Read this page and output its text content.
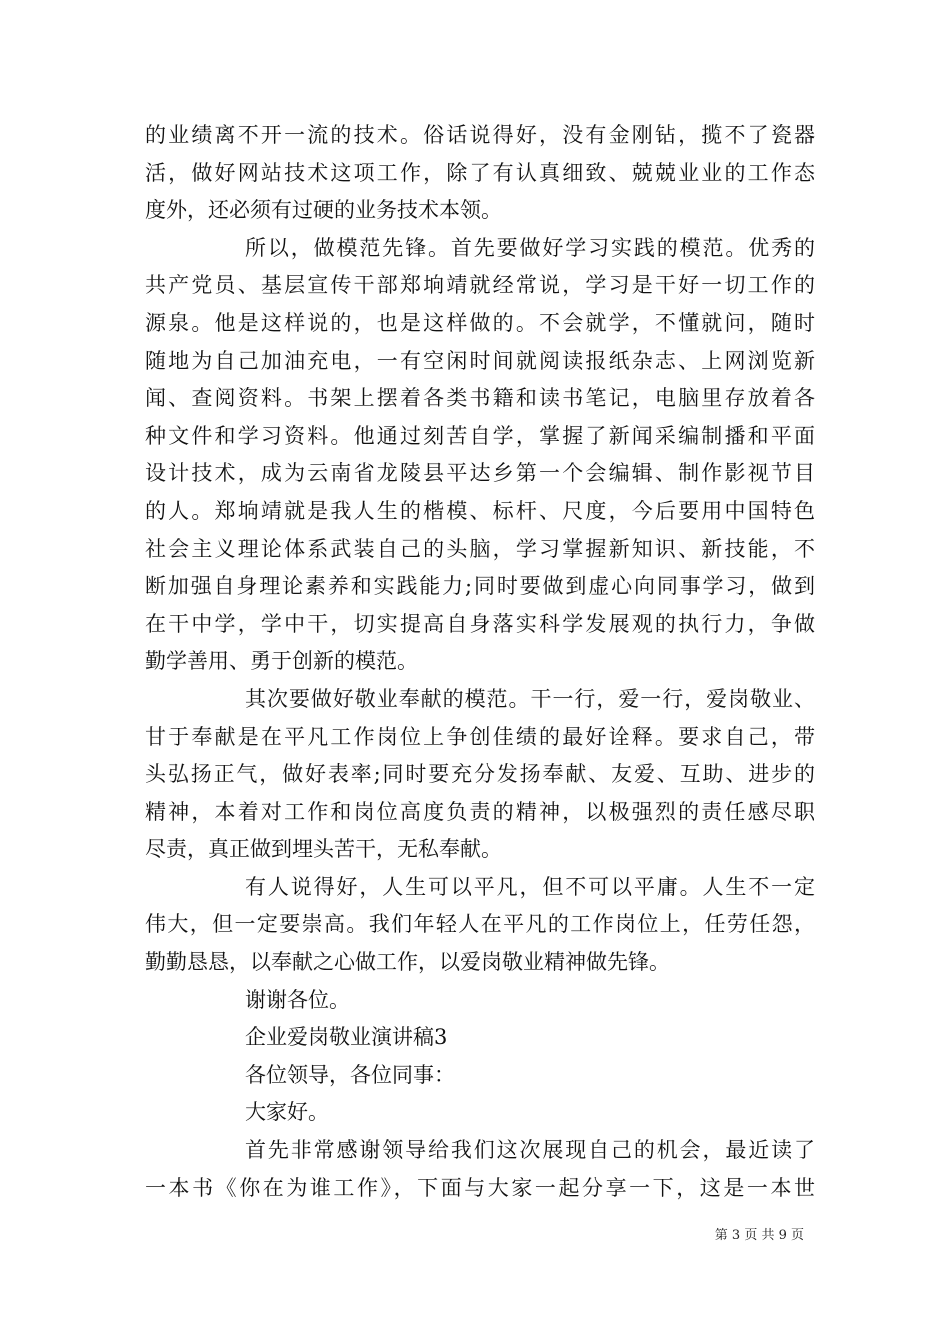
的业绩离不开一流的技术。俗话说得好，没有金刚钻，揽不了瓷器
活，做好网站技术这项工作，除了有认真细致、兢兢业业的工作态
度外，还必须有过硬的业务技术本领。
所以，做模范先锋。首先要做好学习实践的模范。优秀的
共产党员、基层宣传干部郑垧靖就经常说，学习是干好一切工作的
源泉。他是这样说的，也是这样做的。不会就学，不懂就问，随时
随地为自己加油充电，一有空闲时间就阅读报纸杂志、上网浏览新
闻、查阅资料。书架上摆着各类书籍和读书笔记，电脑里存放着各
种文件和学习资料。他通过刻苦自学，掌握了新闻采编制播和平面
设计技术，成为云南省龙陵县平达乡第一个会编辑、制作影视节目
的人。郑垧靖就是我人生的楷模、标杆、尺度，今后要用中国特色
社会主义理论体系武装自己的头脑，学习掌握新知识、新技能，不
断加强自身理论素养和实践能力;同时要做到虚心向同事学习，做到
在干中学，学中干，切实提高自身落实科学发展观的执行力，争做
勤学善用、勇于创新的模范。
其次要做好敬业奉献的模范。干一行，爱一行，爱岗敬业、
甘于奉献是在平凡工作岗位上争创佳绩的最好诠释。要求自己，带
头弘扬正气，做好表率;同时要充分发扬奉献、友爱、互助、进步的
精神，本着对工作和岗位高度负责的精神，以极强烈的责任感尽职
尽责，真正做到埋头苦干，无私奉献。
有人说得好，人生可以平凡，但不可以平庸。人生不一定
伟大，但一定要崇高。我们年轻人在平凡的工作岗位上，任劳任怨，
勤勤恳恳，以奉献之心做工作，以爱岗敬业精神做先锋。
谢谢各位。
企业爱岗敬业演讲稿3
各位领导，各位同事：
大家好。
首先非常感谢领导给我们这次展现自己的机会，最近读了
一本书《你在为谁工作》，下面与大家一起分享一下，这是一本世
第 3 页 共 9 页
